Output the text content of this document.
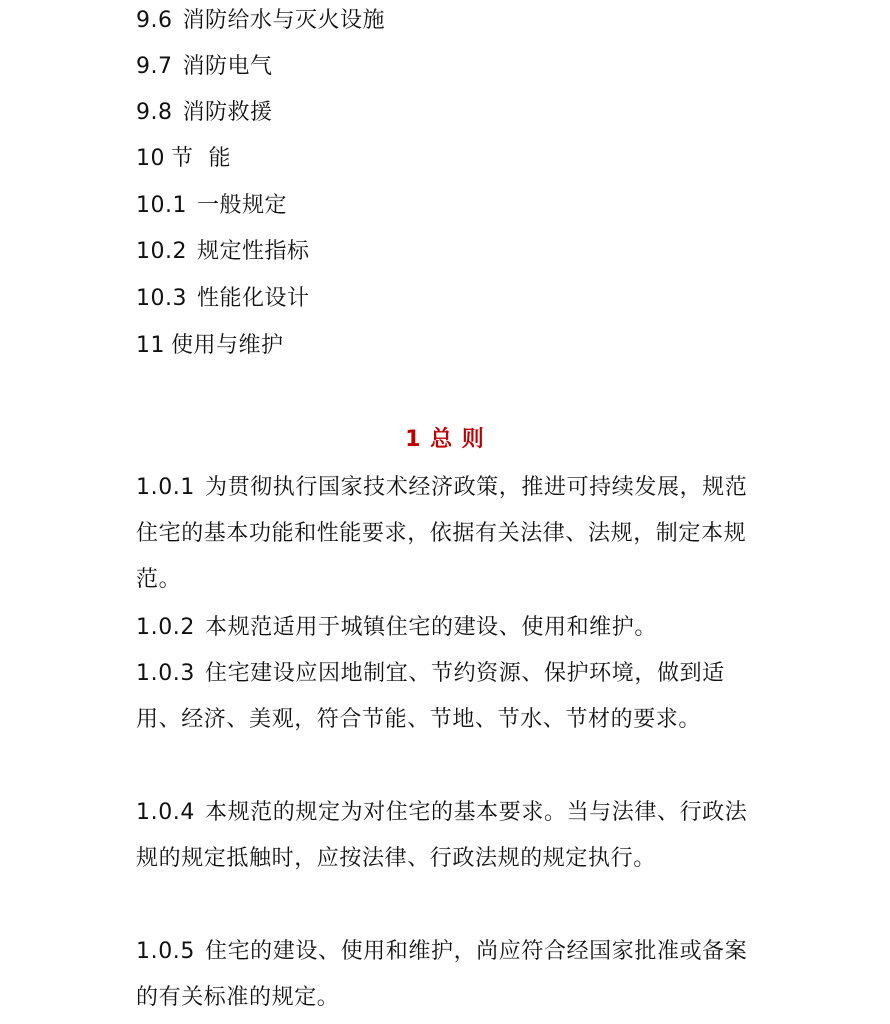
9.6 消防给水与灭火设施
9.7 消防电气
9.8 消防救援
10 节  能
10.1 一般规定
10.2 规定性指标
10.3 性能化设计
11 使用与维护
1 总 则
1.0.1 为贯彻执行国家技术经济政策，推进可持续发展，规范住宅的基本功能和性能要求，依据有关法律、法规，制定本规范。
1.0.2 本规范适用于城镇住宅的建设、使用和维护。
1.0.3 住宅建设应因地制宜、节约资源、保护环境，做到适用、经济、美观，符合节能、节地、节水、节材的要求。
1.0.4 本规范的规定为对住宅的基本要求。当与法律、行政法规的规定抵触时，应按法律、行政法规的规定执行。
1.0.5 住宅的建设、使用和维护，尚应符合经国家批准或备案的有关标准的规定。
